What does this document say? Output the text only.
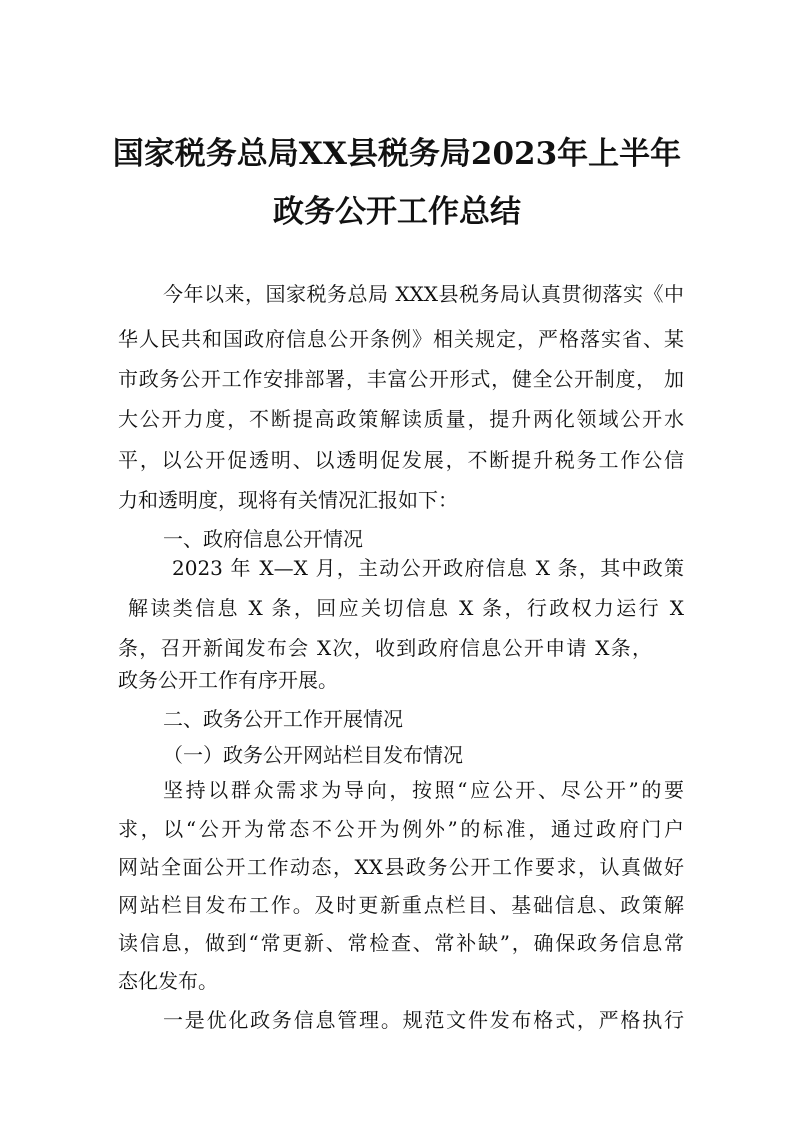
国家税务总局XX县税务局2023年上半年
政务公开工作总结
今年以来，国家税务总局 XXX县税务局认真贯彻落实《中
华人民共和国政府信息公开条例》相关规定，严格落实省、某
市政务公开工作安排部署，丰富公开形式，健全公开制度， 加
大公开力度，不断提高政策解读质量，提升两化领域公开水
平，以公开促透明、以透明促发展，不断提升税务工作公信
力和透明度，现将有关情况汇报如下：
一、政府信息公开情况
2023 年 X—X 月，主动公开政府信息 X 条，其中政策
解读类信息 X 条，回应关切信息 X 条，行政权力运行 X
条，召开新闻发布会 X次，收到政府信息公开申请 X条，
政务公开工作有序开展。
二、政务公开工作开展情况
（一）政务公开网站栏目发布情况
坚持以群众需求为导向，按照“应公开、尽公开”的要
求，以“公开为常态不公开为例外”的标准，通过政府门户
网站全面公开工作动态，XX县政务公开工作要求，认真做好
网站栏目发布工作。及时更新重点栏目、基础信息、政策解
读信息，做到“常更新、常检查、常补缺”，确保政务信息常
态化发布。
一是优化政务信息管理。规范文件发布格式，严格执行
